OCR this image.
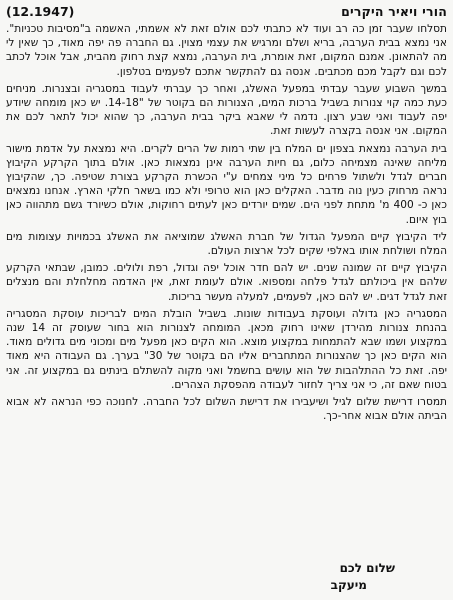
הורי ויאיר היקרים
(12.1947)

תסלחו שעבר זמן כה רב ועוד לא כתבתי לכם אולם זאת לא אשמתי, האשמה ב"מסיבות טכניות". אני נמצא בבית הערבה, בריא ושלם ומרגיש את עצמי מצוין. גם החברה פה יפה מאוד, כך שאין לי מה להתאונן. אמנם המקום, זאת אומרת, בית הערבה, נמצא קצת רחוק מהבית, אבל אוכל לכתב לכם וגם לקבל מכם מכתבים. אנסה גם להתקשר אתכם לפעמים בטלפון.

במשך השבוע שעבר עבדתי במפעל האשלג, ואחר כך עברתי לעבוד במסגריה ובצנרות. מניחים כעת כמה קוי צנורות בשביל ברכות המים, הצנורות הם בקוטר של "14-18. יש כאן מומחה שיודע יפה לעבוד ואני שבע רצון. נדמה לי שאבא ביקר בבית הערבה, כך שהוא יכול לתאר לכם את המקום. אני אנסה בקצרה לעשות זאת.

בית הערבה נמצאת בצפון ים המלח בין שתי רמות של הרים לקרים. היא נמצאת על אדמת מישור מליחה שאינה מצמיחה כלום, גם חיות הערבה אינן נמצאות כאן. אולם בתוך הקרקע הקיבוץ חברים לגדל ולשתול פרחים כל מיני צמחים ע"י הכשרת הקרקע בצורת שטיפה. כך, שהקיבוץ נראה מרחוק כעין נוה מדבר. האקלים כאן הוא טרופי ולא כמו בשאר חלקי הארץ. אנחנו נמצאים כאן כ- 400 מ' מתחת לפני הים. שמים יורדים כאן לעתים רחוקות, אולם כשיורד גשם מתהווה כאן בוץ איום.

ליד הקיבוץ קיים המפעל הגדול של חברת האשלג שמוציאה את האשלג בכמויות עצומות מים המלח ושולחת אותו באלפי שקים לכל ארצות העולם.

הקיבוץ קיים זה שמונה שנים. יש להם חדר אוכל יפה וגדול, רפת ולולים. כמובן, שבתאי הקרקע שלהם אין ביכולתם לגדל פלחה ומספוא. אולם לעומת זאת, אין האדמה מחלחלת והם מנצלים זאת לגדל דגים. יש להם כאן, לפעמים, למעלה מעשר בריכות.

המסגריה כאן גדולה ועוסקת בעבודות שונות. בשביל הובלת המים לבריכות עוסקת המסגריה בהנחת צנורות מהירדן שאינו רחוק מכאן. המומחה לצנורות הוא בחור שעוסק זה 14 שנה במקצוע ושמו שבא להתמחות במקצוע מוצא. הוא הקים כאן מפעל מים ומכוני מים גדולים מאוד. הוא הקים כאן כך שהצנורות המתחברים אליו הם בקוטר של 30" בערך. גם העבודה היא מאוד יפה. זאת כל ההתלהבות של הוא עושים בחשמל ואני מקוה להשתלם בינתים גם במקצוע זה. אני בטוח שאם זה, כי אני צריך לחזור לעבודה מהפסקת הצהרים.

תמסרו דרישת שלום לגיל ושיעבירו את דרישת השלום לכל החברה. לחנוכה כפי הנראה לא אבוא הביתה אולם אבוא אחר-כך.

שלום לכם
מיעקב
